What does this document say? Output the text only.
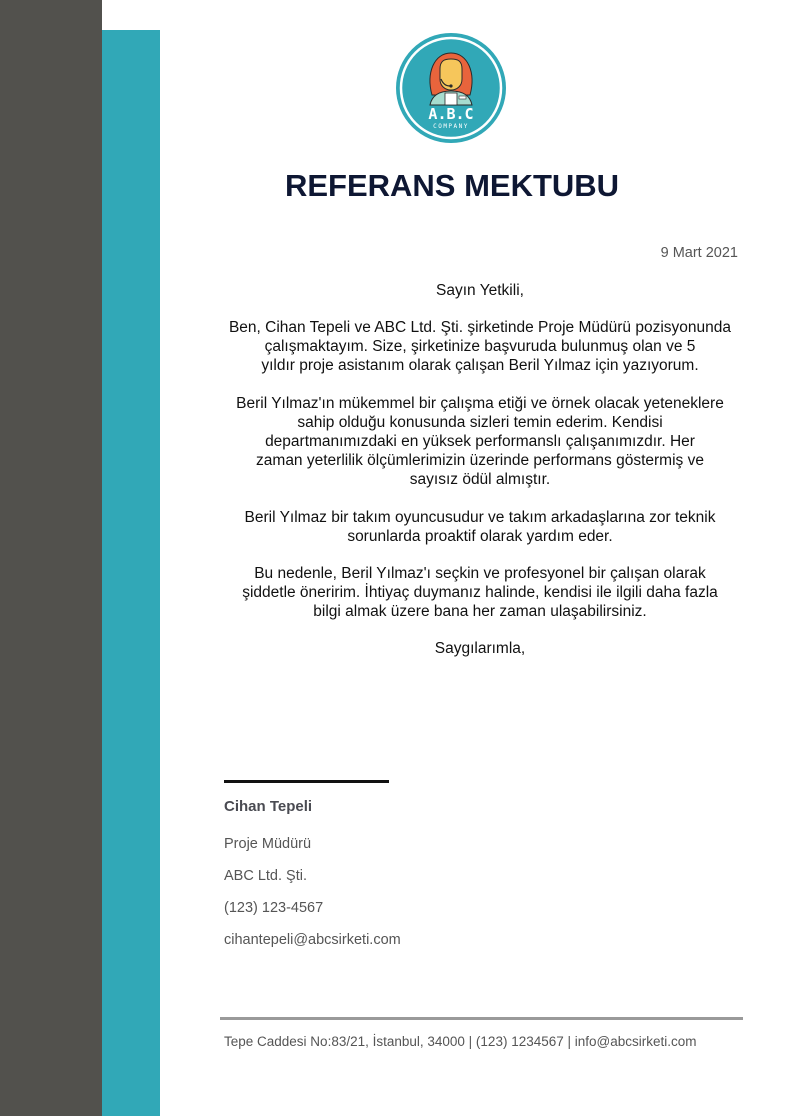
A.B.C
COMPANY
REFERANS MEKTUBU
9 Mart 2021
Sayın Yetkili,
Ben, Cihan Tepeli ve ABC Ltd. Şti. şirketinde Proje Müdürü pozisyonunda
çalışmaktayım. Size, şirketinize başvuruda bulunmuş olan ve 5
yıldır proje asistanım olarak çalışan Beril Yılmaz için yazıyorum.
Beril Yılmaz'ın mükemmel bir çalışma etiği ve örnek olacak yeteneklere
sahip olduğu konusunda sizleri temin ederim. Kendisi
departmanımızdaki en yüksek performanslı çalışanımızdır. Her
zaman yeterlilik ölçümlerimizin üzerinde performans göstermiş ve
sayısız ödül almıştır.
Beril Yılmaz bir takım oyuncusudur ve takım arkadaşlarına zor teknik
sorunlarda proaktif olarak yardım eder.
Bu nedenle, Beril Yılmaz'ı seçkin ve profesyonel bir çalışan olarak
şiddetle öneririm. İhtiyaç duymanız halinde, kendisi ile ilgili daha fazla
bilgi almak üzere bana her zaman ulaşabilirsiniz.
Saygılarımla,
Cihan Tepeli
Proje Müdürü
ABC Ltd. Şti.
(123) 123-4567
cihantepeli@abcsirketi.com
Tepe Caddesi No:83/21, İstanbul, 34000 | (123) 1234567 | info@abcsirketi.com
